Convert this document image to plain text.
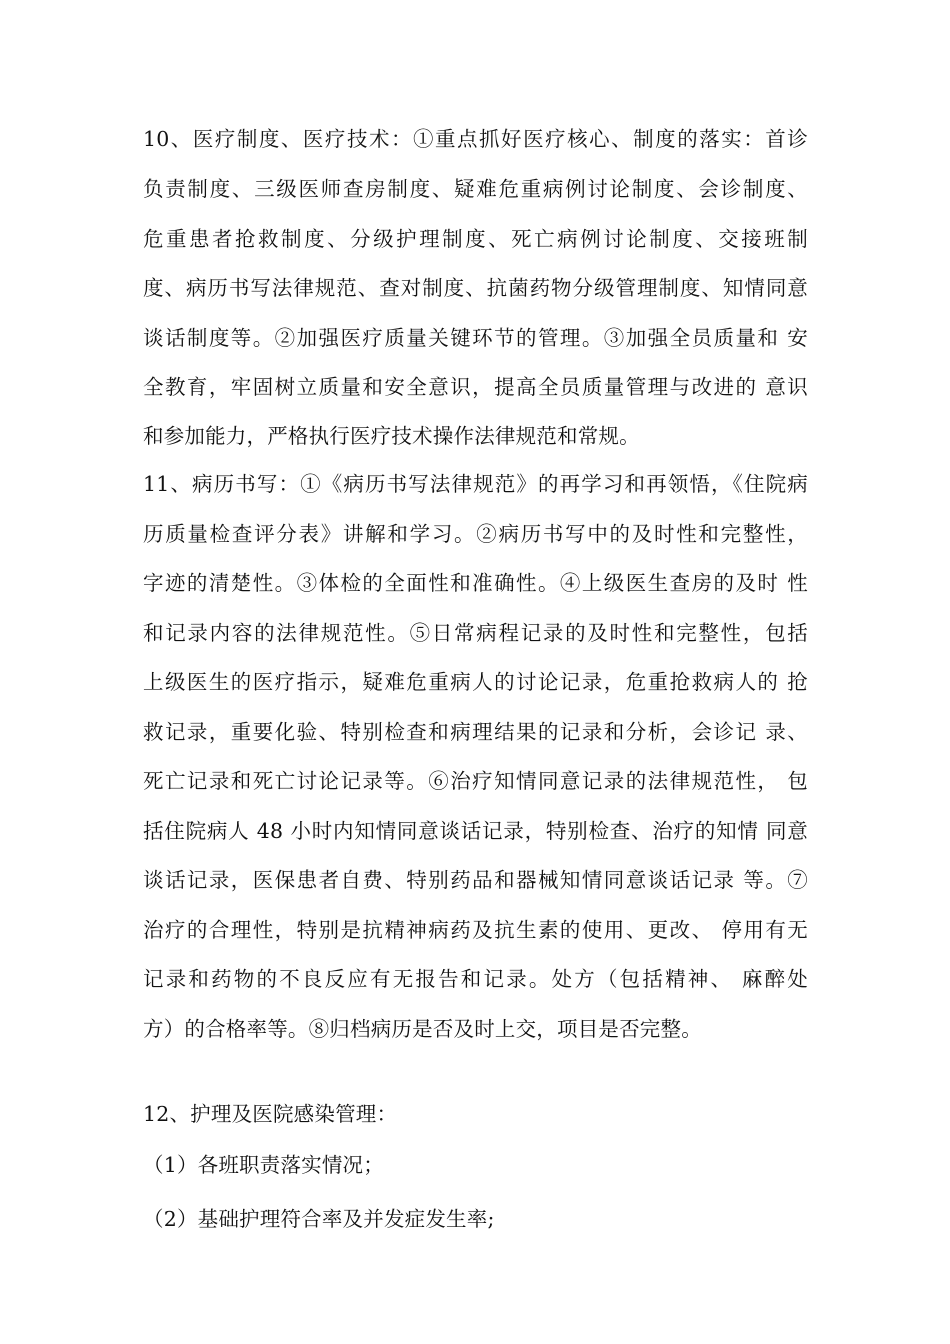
10、医疗制度、医疗技术：①重点抓好医疗核心、制度的落实：首诊
负责制度、三级医师查房制度、疑难危重病例讨论制度、会诊制度、
危重患者抢救制度、分级护理制度、死亡病例讨论制度、交接班制
度、病历书写法律规范、查对制度、抗菌药物分级管理制度、知情同意
谈话制度等。②加强医疗质量关键环节的管理。③加强全员质量和 安
全教育，牢固树立质量和安全意识，提高全员质量管理与改进的 意识
和参加能力，严格执行医疗技术操作法律规范和常规。
11、病历书写：①《病历书写法律规范》的再学习和再领悟，《住院病
历质量检查评分表》讲解和学习。②病历书写中的及时性和完整性，
字迹的清楚性。③体检的全面性和准确性。④上级医生查房的及时 性
和记录内容的法律规范性。⑤日常病程记录的及时性和完整性，包括
上级医生的医疗指示，疑难危重病人的讨论记录，危重抢救病人的 抢
救记录，重要化验、特别检查和病理结果的记录和分析，会诊记 录、
死亡记录和死亡讨论记录等。⑥治疗知情同意记录的法律规范性， 包
括住院病人 48 小时内知情同意谈话记录，特别检查、治疗的知情 同意
谈话记录，医保患者自费、特别药品和器械知情同意谈话记录 等。⑦
治疗的合理性，特别是抗精神病药及抗生素的使用、更改、 停用有无
记录和药物的不良反应有无报告和记录。处方（包括精神、 麻醉处
方）的合格率等。⑧归档病历是否及时上交，项目是否完整。
12、护理及医院感染管理：
（1）各班职责落实情况；
（2）基础护理符合率及并发症发生率;
